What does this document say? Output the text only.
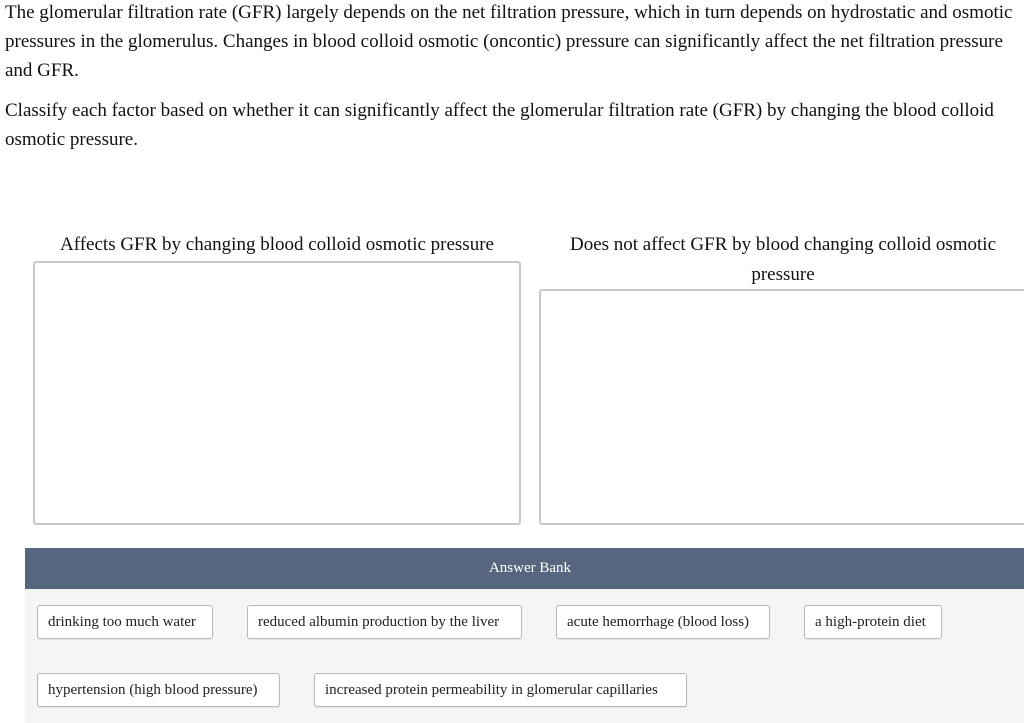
The glomerular filtration rate (GFR) largely depends on the net filtration pressure, which in turn depends on hydrostatic and osmotic pressures in the glomerulus. Changes in blood colloid osmotic (oncontic) pressure can significantly affect the net filtration pressure and GFR.

Classify each factor based on whether it can significantly affect the glomerular filtration rate (GFR) by changing the blood colloid osmotic pressure.

Affects GFR by changing blood colloid osmotic pressure	Does not affect GFR by blood changing colloid osmotic pressure
Answer Bank
drinking too much water	reduced albumin production by the liver	acute hemorrhage (blood loss)	a high-protein diet
hypertension (high blood pressure)	increased protein permeability in glomerular capillaries
